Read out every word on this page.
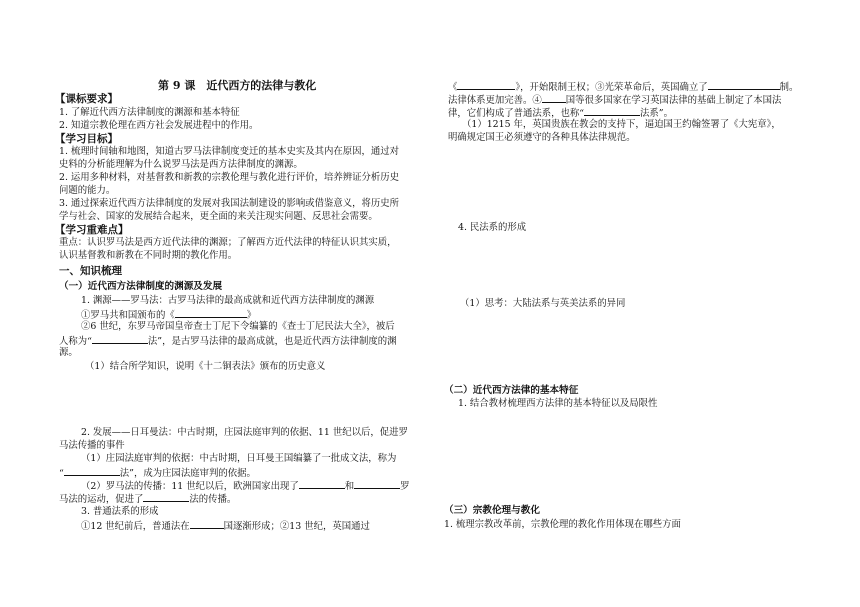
第 9 课　近代西方的法律与教化
【课标要求】
1. 了解近代西方法律制度的渊源和基本特征
2. 知道宗教伦理在西方社会发展进程中的作用。
【学习目标】
1. 梳理时间轴和地图，知道古罗马法律制度变迁的基本史实及其内在原因，通过对
史料的分析能理解为什么说罗马法是西方法律制度的渊源。
2. 运用多种材料，对基督教和新教的宗教伦理与教化进行评价，培养辨证分析历史
问题的能力。
3. 通过探索近代西方法律制度的发展对我国法制建设的影响或借鉴意义，将历史所
学与社会、国家的发展结合起来，更全面的来关注现实问题、反思社会需要。
【学习重难点】
重点：认识罗马法是西方近代法律的渊源；了解西方近代法律的特征认识其实质，
认识基督教和新教在不同时期的教化作用。
一、知识梳理
（一）近代西方法律制度的渊源及发展
1. 渊源——罗马法：古罗马法律的最高成就和近代西方法律制度的渊源
①罗马共和国颁布的《	》
②6 世纪，东罗马帝国皇帝查士丁尼下令编纂的《查士丁尼民法大全》，被后
人称为“	法”，是古罗马法律的最高成就，也是近代西方法律制度的渊
源。
（1）结合所学知识，说明《十二铜表法》颁布的历史意义
2. 发展——日耳曼法：中古时期，庄园法庭审判的依据、11 世纪以后，促进罗
马法传播的事件
（1）庄园法庭审判的依据：中古时期，日耳曼王国编纂了一批成文法，称为
“	法”，成为庄园法庭审判的依据。
（2）罗马法的传播：11 世纪以后，欧洲国家出现了	和	罗
马法的运动，促进了	法的传播。
3. 普通法系的形成
①12 世纪前后，普通法在	国逐渐形成；②13 世纪，英国通过
《	》，开始限制王权；③光荣革命后，英国确立了	制。
法律体系更加完善。④	国等很多国家在学习英国法律的基础上制定了本国法
律，它们构成了普通法系，也称“	法系”。
（1）1215 年，英国贵族在教会的支持下，逼迫国王约翰签署了《大宪章》，
明确规定国王必须遵守的各种具体法律规范。
4. 民法系的形成
（1）思考：大陆法系与英美法系的异同
（二）近代西方法律的基本特征
1. 结合教材梳理西方法律的基本特征以及局限性
（三）宗教伦理与教化
1. 梳理宗教改革前，宗教伦理的教化作用体现在哪些方面
